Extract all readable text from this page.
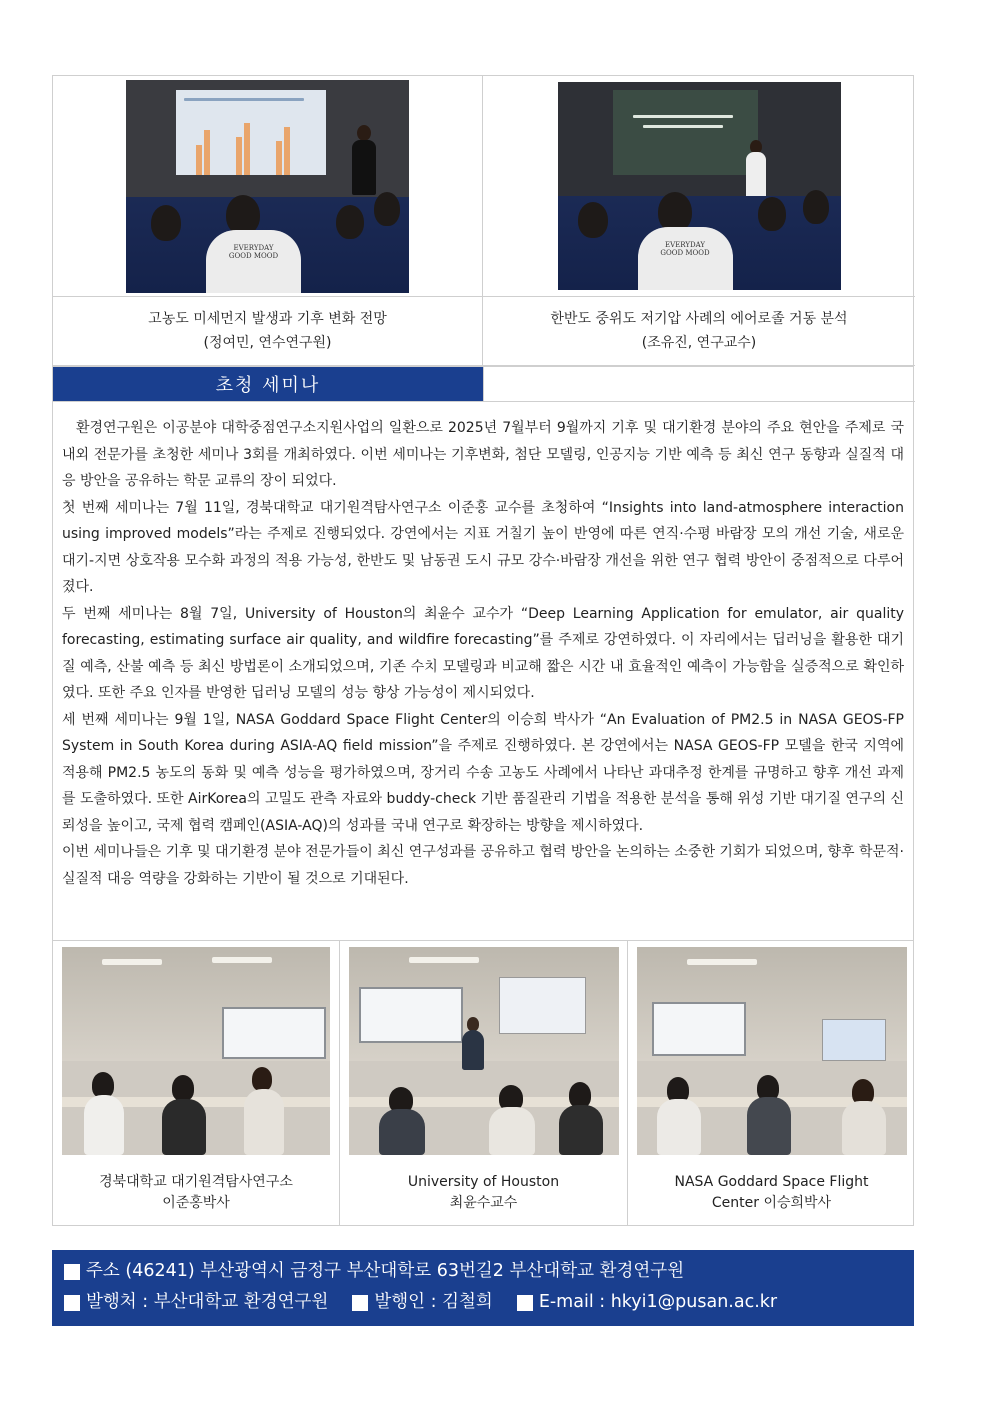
EVERYDAY
GOOD MOOD
고농도 미세먼지 발생과 기후 변화 전망
(정여민, 연수연구원)
EVERYDAY
GOOD MOOD
한반도 중위도 저기압 사례의 에어로졸 거동 분석
(조유진, 연구교수)
초청 세미나

환경연구원은 이공분야 대학중점연구소지원사업의 일환으로 2025년 7월부터 9월까지 기후 및 대기환경 분야의 주요 현안을 주제로 국내외 전문가를 초청한 세미나 3회를 개최하였다. 이번 세미나는 기후변화, 첨단 모델링, 인공지능 기반 예측 등 최신 연구 동향과 실질적 대응 방안을 공유하는 학문 교류의 장이 되었다.

첫 번째 세미나는 7월 11일, 경북대학교 대기원격탐사연구소 이준홍 교수를 초청하여 “Insights into land-atmosphere interaction using improved models”라는 주제로 진행되었다. 강연에서는 지표 거칠기 높이 반영에 따른 연직·수평 바람장 모의 개선 기술, 새로운 대기-지면 상호작용 모수화 과정의 적용 가능성, 한반도 및 남동권 도시 규모 강수·바람장 개선을 위한 연구 협력 방안이 중점적으로 다루어졌다.

두 번째 세미나는 8월 7일, University of Houston의 최윤수 교수가 “Deep Learning Application for emulator, air quality forecasting, estimating surface air quality, and wildfire forecasting”를 주제로 강연하였다. 이 자리에서는 딥러닝을 활용한 대기질 예측, 산불 예측 등 최신 방법론이 소개되었으며, 기존 수치 모델링과 비교해 짧은 시간 내 효율적인 예측이 가능함을 실증적으로 확인하였다. 또한 주요 인자를 반영한 딥러닝 모델의 성능 향상 가능성이 제시되었다.

세 번째 세미나는 9월 1일, NASA Goddard Space Flight Center의 이승희 박사가 “An Evaluation of PM2.5 in NASA GEOS-FP System in South Korea during ASIA-AQ field mission”을 주제로 진행하였다. 본 강연에서는 NASA GEOS-FP 모델을 한국 지역에 적용해 PM2.5 농도의 동화 및 예측 성능을 평가하였으며, 장거리 수송 고농도 사례에서 나타난 과대추정 한계를 규명하고 향후 개선 과제를 도출하였다. 또한 AirKorea의 고밀도 관측 자료와 buddy-check 기반 품질관리 기법을 적용한 분석을 통해 위성 기반 대기질 연구의 신뢰성을 높이고, 국제 협력 캠페인(ASIA-AQ)의 성과를 국내 연구로 확장하는 방향을 제시하였다.

이번 세미나들은 기후 및 대기환경 분야 전문가들이 최신 연구성과를 공유하고 협력 방안을 논의하는 소중한 기회가 되었으며, 향후 학문적·실질적 대응 역량을 강화하는 기반이 될 것으로 기대된다.

경북대학교 대기원격탐사연구소
이준홍박사
University of Houston
최윤수교수
NASA Goddard Space Flight
Center 이승희박사
주소 (46241) 부산광역시 금정구 부산대학로 63번길2 부산대학교 환경연구원
발행처 : 부산대학교 환경연구원	발행인 : 김철희	E-mail : hkyi1@pusan.ac.kr
